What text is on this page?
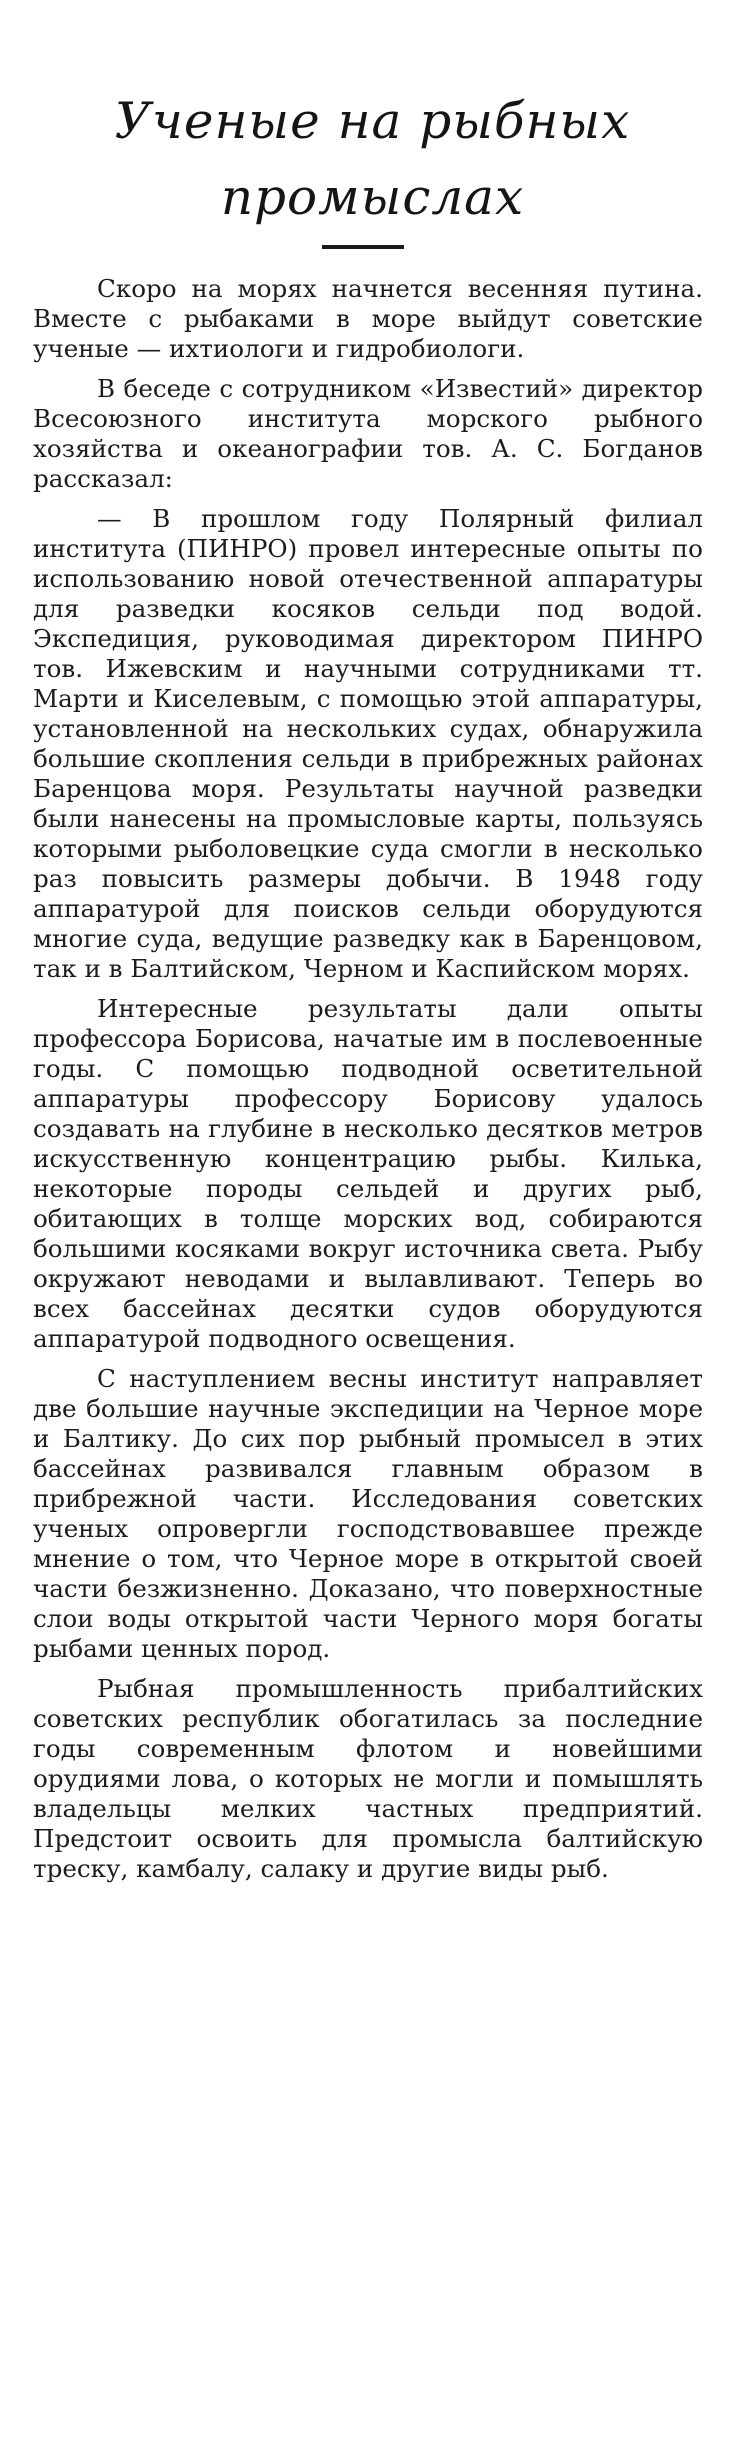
Ученые на рыбных
промыслах

Скоро на морях начнется весенняя путина. Вместе с рыбаками в море выйдут советские ученые — ихтиологи и гидробиологи.

В беседе с сотрудником «Известий» директор Всесоюзного института морского рыбного хозяйства и океанографии тов. А. С. Богданов рассказал:

— В прошлом году Полярный филиал института (ПИНРО) провел интересные опыты по использованию новой отечественной аппаратуры для разведки косяков сельди под водой. Экспедиция, руководимая директором ПИНРО тов. Ижевским и научными сотрудниками тт. Марти и Киселевым, с помощью этой аппаратуры, установленной на нескольких судах, обнаружила большие скопления сельди в прибрежных районах Баренцова моря. Результаты научной разведки были нанесены на промысловые карты, пользуясь которыми рыболовецкие суда смогли в несколько раз повысить размеры добычи. В 1948 году аппаратурой для поисков сельди оборудуются многие суда, ведущие разведку как в Баренцовом, так и в Балтийском, Черном и Каспийском морях.

Интересные результаты дали опыты профессора Борисова, начатые им в послевоенные годы. С помощью подводной осветительной аппаратуры профессору Борисову удалось создавать на глубине в несколько десятков метров искусственную концентрацию рыбы. Килька, некоторые породы сельдей и других рыб, обитающих в толще морских вод, собираются большими косяками вокруг источника света. Рыбу окружают неводами и вылавливают. Теперь во всех бассейнах десятки судов оборудуются аппаратурой подводного освещения.

С наступлением весны институт направляет две большие научные экспедиции на Черное море и Балтику. До сих пор рыбный промысел в этих бассейнах развивался главным образом в прибрежной части. Исследования советских ученых опровергли господствовавшее прежде мнение о том, что Черное море в открытой своей части безжизненно. Доказано, что поверхностные слои воды открытой части Черного моря богаты рыбами ценных пород.

Рыбная промышленность прибалтийских советских республик обогатилась за последние годы современным флотом и новейшими орудиями лова, о которых не могли и помышлять владельцы мелких частных предприятий. Предстоит освоить для промысла балтийскую треску, камбалу, салаку и другие виды рыб.
